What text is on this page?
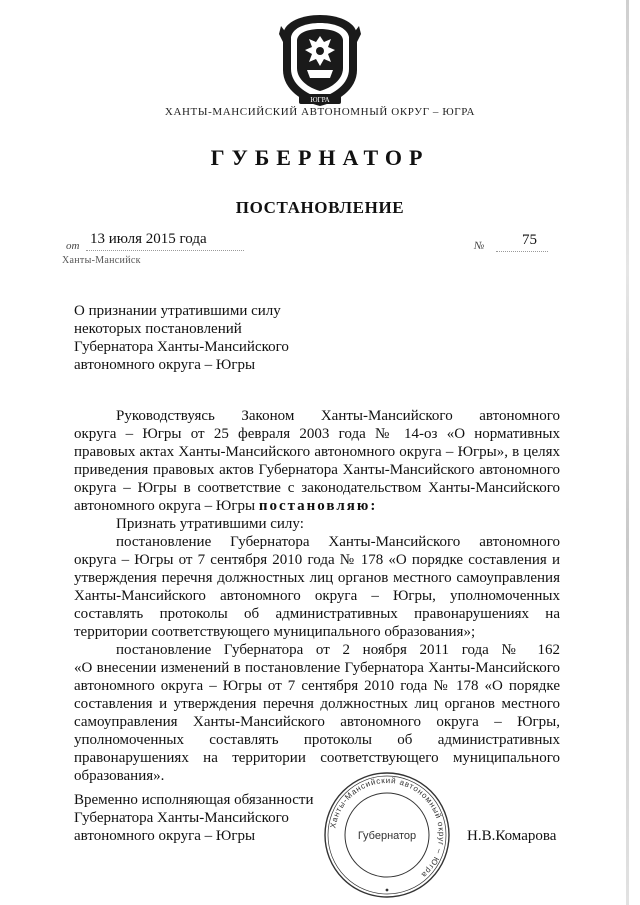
ЮГРА
ХАНТЫ-МАНСИЙСКИЙ АВТОНОМНЫЙ ОКРУГ – ЮГРА
ГУБЕРНАТОР
ПОСТАНОВЛЕНИЕ
от 13 июля 2015 года	№	75
Ханты-Мансийск
О признании утратившими силу
некоторых постановлений
Губернатора Ханты-Мансийского
автономного округа – Югры
Руководствуясь Законом Ханты-Мансийского автономного
округа – Югры от 25 февраля 2003 года № 14-оз «О нормативных
правовых актах Ханты-Мансийского автономного округа – Югры», в целях
приведения правовых актов Губернатора Ханты-Мансийского автономного
округа – Югры в соответствие с законодательством Ханты-Мансийского
автономного округа – Югры постановляю:
Признать утратившими силу:
постановление Губернатора Ханты-Мансийского автономного
округа – Югры от 7 сентября 2010 года № 178 «О порядке составления и
утверждения перечня должностных лиц органов местного самоуправления
Ханты-Мансийского автономного округа – Югры, уполномоченных
составлять протоколы об административных правонарушениях на
территории соответствующего муниципального образования»;
постановление Губернатора от 2 ноября 2011 года № 162
«О внесении изменений в постановление Губернатора Ханты-Мансийского
автономного округа – Югры от 7 сентября 2010 года № 178 «О порядке
составления и утверждения перечня должностных лиц органов местного
самоуправления Ханты-Мансийского автономного округа – Югры,
уполномоченных составлять протоколы об административных
правонарушениях на территории соответствующего муниципального
образования».
Временно исполняющая обязанности
Губернатора Ханты-Мансийского
автономного округа – Югры
Ханты-Мансийский автономный округ – Югра
Губернатор	Н.В.Комарова
